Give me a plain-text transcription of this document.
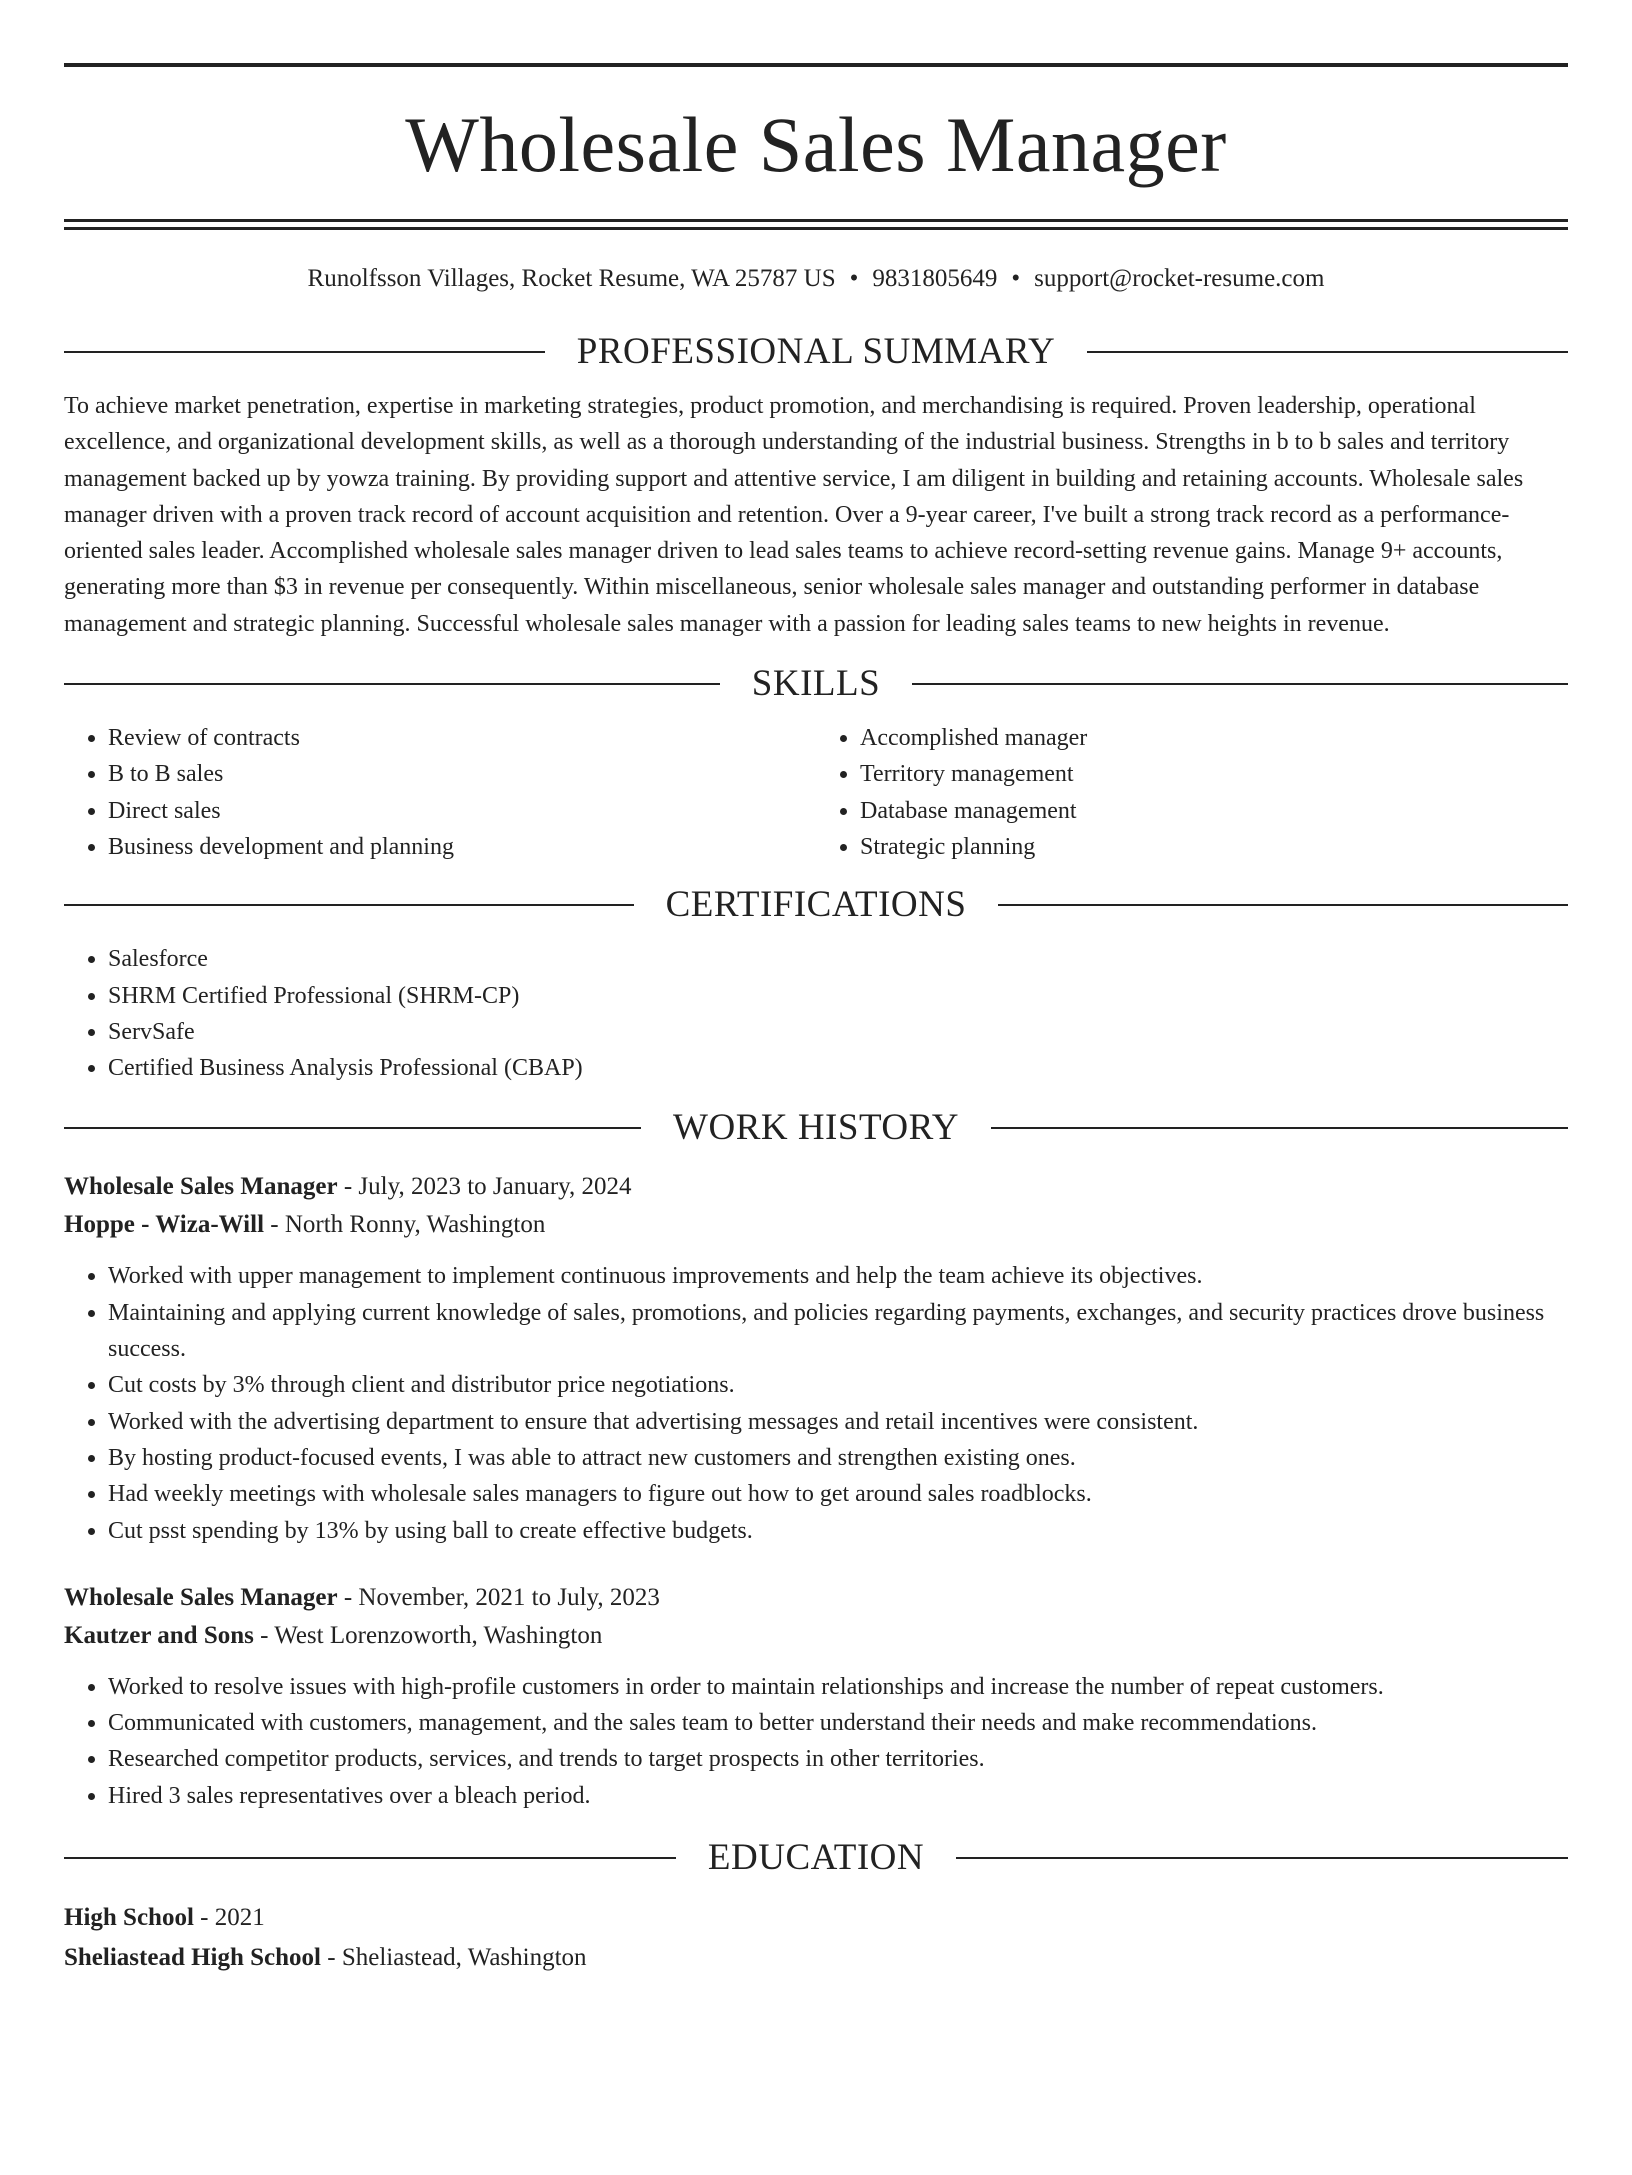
Wholesale Sales Manager
Runolfsson Villages, Rocket Resume, WA 25787 US • 9831805649 • support@rocket-resume.com
PROFESSIONAL SUMMARY

To achieve market penetration, expertise in marketing strategies, product promotion, and merchandising is required. Proven leadership, operational excellence, and organizational development skills, as well as a thorough understanding of the industrial business. Strengths in b to b sales and territory management backed up by yowza training. By providing support and attentive service, I am diligent in building and retaining accounts. Wholesale sales manager driven with a proven track record of account acquisition and retention. Over a 9-year career, I've built a strong track record as a performance-oriented sales leader. Accomplished wholesale sales manager driven to lead sales teams to achieve record-setting revenue gains. Manage 9+ accounts, generating more than $3 in revenue per consequently. Within miscellaneous, senior wholesale sales manager and outstanding performer in database management and strategic planning. Successful wholesale sales manager with a passion for leading sales teams to new heights in revenue.

SKILLS
• Review of contracts
• B to B sales
• Direct sales
• Business development and planning
• Accomplished manager
• Territory management
• Database management
• Strategic planning
CERTIFICATIONS
• Salesforce
• SHRM Certified Professional (SHRM-CP)
• ServSafe
• Certified Business Analysis Professional (CBAP)
WORK HISTORY
Wholesale Sales Manager - July, 2023 to January, 2024
Hoppe - Wiza-Will - North Ronny, Washington
• Worked with upper management to implement continuous improvements and help the team achieve its objectives.
• Maintaining and applying current knowledge of sales, promotions, and policies regarding payments, exchanges, and security practices drove business success.
• Cut costs by 3% through client and distributor price negotiations.
• Worked with the advertising department to ensure that advertising messages and retail incentives were consistent.
• By hosting product-focused events, I was able to attract new customers and strengthen existing ones.
• Had weekly meetings with wholesale sales managers to figure out how to get around sales roadblocks.
• Cut psst spending by 13% by using ball to create effective budgets.
Wholesale Sales Manager - November, 2021 to July, 2023
Kautzer and Sons - West Lorenzoworth, Washington
• Worked to resolve issues with high-profile customers in order to maintain relationships and increase the number of repeat customers.
• Communicated with customers, management, and the sales team to better understand their needs and make recommendations.
• Researched competitor products, services, and trends to target prospects in other territories.
• Hired 3 sales representatives over a bleach period.
EDUCATION
High School - 2021
Sheliastead High School - Sheliastead, Washington
